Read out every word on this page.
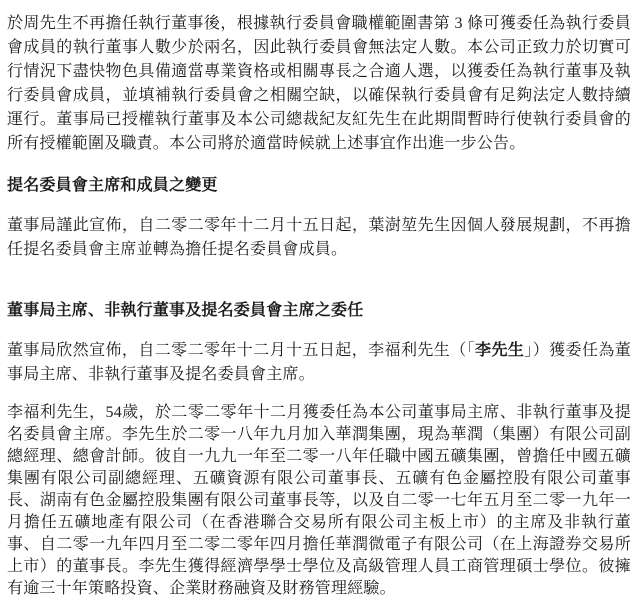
於周先生不再擔任執行董事後，根據執行委員會職權範圍書第 3 條可獲委任為執行委員會成員的執行董事人數少於兩名，因此執行委員會無法定人數。本公司正致力於切實可行情況下盡快物色具備適當專業資格或相關專長之合適人選，以獲委任為執行董事及執行委員會成員，並填補執行委員會之相關空缺，以確保執行委員會有足夠法定人數持續運行。董事局已授權執行董事及本公司總裁紀友紅先生在此期間暫時行使執行委員會的所有授權範圍及職責。本公司將於適當時候就上述事宜作出進一步公告。

提名委員會主席和成員之變更

董事局謹此宣佈，自二零二零年十二月十五日起，葉澍堃先生因個人發展規劃，不再擔任提名委員會主席並轉為擔任提名委員會成員。

董事局主席、非執行董事及提名委員會主席之委任

董事局欣然宣佈，自二零二零年十二月十五日起，李福利先生（「李先生」）獲委任為董事局主席、非執行董事及提名委員會主席。

李福利先生，54歲，於二零二零年十二月獲委任為本公司董事局主席、非執行董事及提名委員會主席。李先生於二零一八年九月加入華潤集團，現為華潤（集團）有限公司副總經理、總會計師。彼自一九九一年至二零一八年任職中國五礦集團，曾擔任中國五礦集團有限公司副總經理、五礦資源有限公司董事長、五礦有色金屬控股有限公司董事長、湖南有色金屬控股集團有限公司董事長等，以及自二零一七年五月至二零一九年一月擔任五礦地產有限公司（在香港聯合交易所有限公司主板上市）的主席及非執行董事、自二零一九年四月至二零二零年四月擔任華潤微電子有限公司（在上海證券交易所上市）的董事長。李先生獲得經濟學學士學位及高級管理人員工商管理碩士學位。彼擁有逾三十年策略投資、企業財務融資及財務管理經驗。
